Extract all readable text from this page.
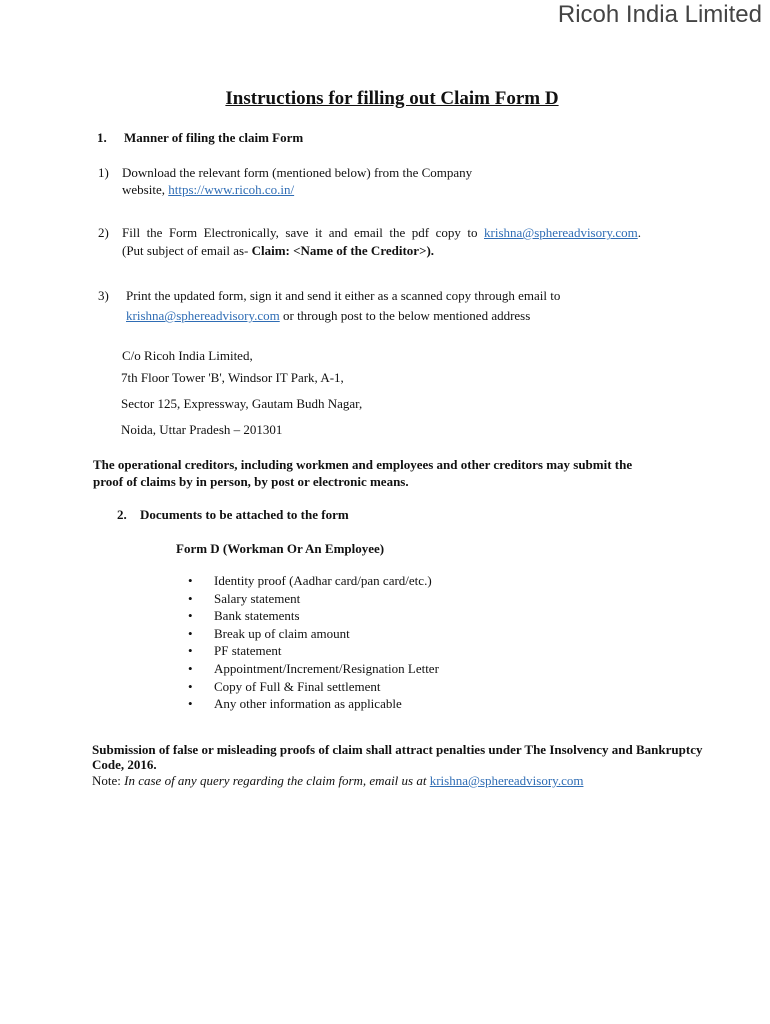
Ricoh India Limited
Instructions for filling out Claim Form D
1. Manner of filing the claim Form
1) Download the relevant form (mentioned below) from the Company
website, https://www.ricoh.co.in/
2) Fill  the  Form  Electronically,  save  it  and  email  the  pdf  copy  to  krishna@sphereadvisory.com.
(Put subject of email as- Claim: <Name of the Creditor>).
3) Print the updated form, sign it and send it either as a scanned copy through email to
krishna@sphereadvisory.com or through post to the below mentioned address
C/o Ricoh India Limited,
7th Floor Tower 'B', Windsor IT Park, A-1,
Sector 125, Expressway, Gautam Budh Nagar,
Noida, Uttar Pradesh – 201301
The operational creditors, including workmen and employees and other creditors may submit the
proof of claims by in person, by post or electronic means.
2. Documents to be attached to the form
Form D (Workman Or An Employee)
• Identity proof (Aadhar card/pan card/etc.)
• Salary statement
• Bank statements
• Break up of claim amount
• PF statement
• Appointment/Increment/Resignation Letter
• Copy of Full & Final settlement
• Any other information as applicable
Submission of false or misleading proofs of claim shall attract penalties under The Insolvency and Bankruptcy
Code, 2016.
Note: In case of any query regarding the claim form, email us at krishna@sphereadvisory.com
